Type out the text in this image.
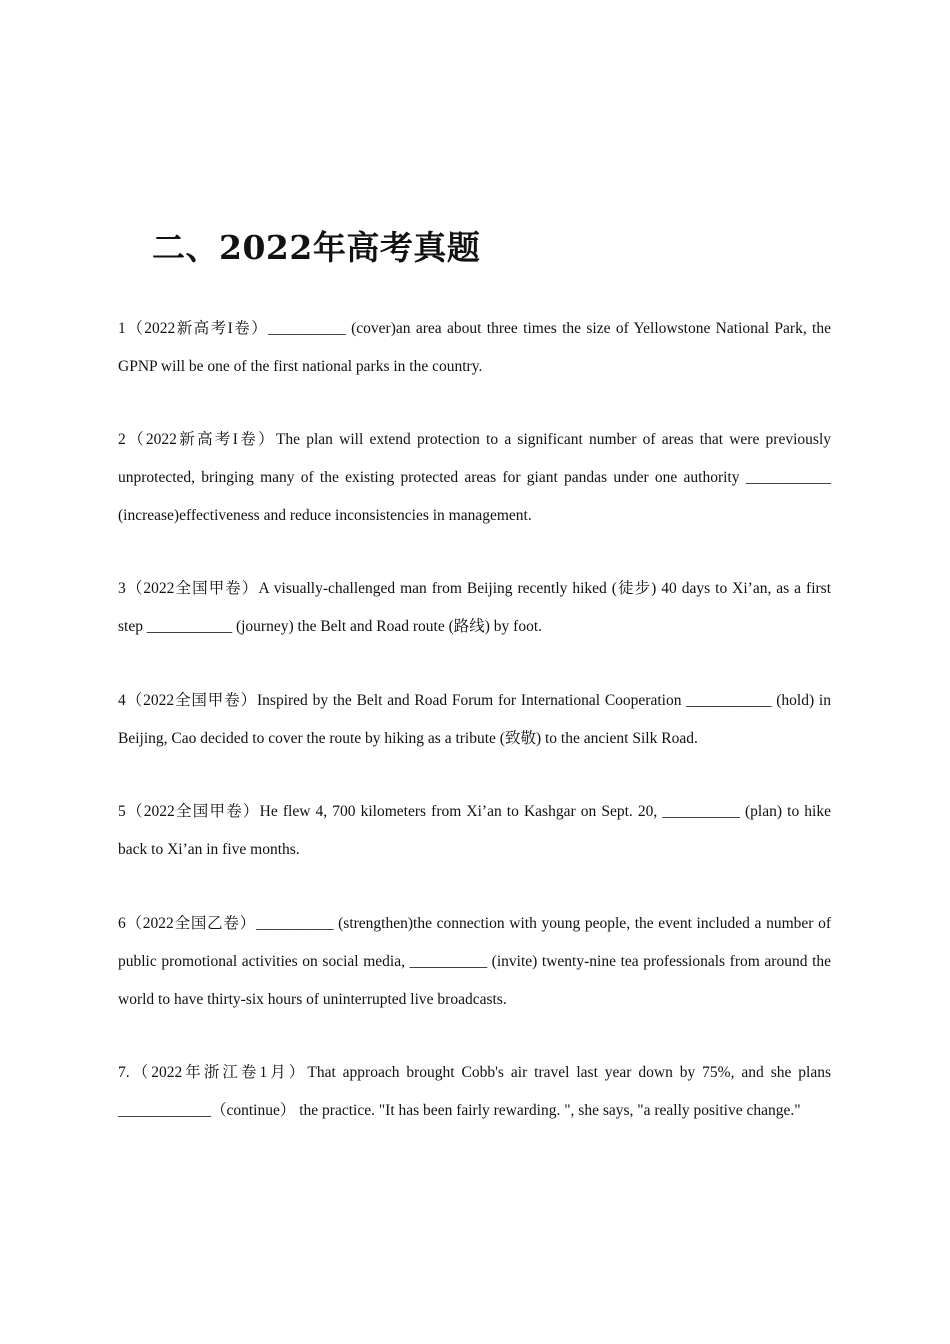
二、2022年高考真题

1（2022新高考I卷）__________ (cover)an area about three times the size of Yellowstone National Park, the GPNP will be one of the first national parks in the country.

2（2022新高考I卷）The plan will extend protection to a significant number of areas that were previously unprotected, bringing many of the existing protected areas for giant pandas under one authority ___________ (increase)effectiveness and reduce inconsistencies in management.

3（2022全国甲卷）A visually-challenged man from Beijing recently hiked (徒步) 40 days to Xi’an, as a first step ___________ (journey) the Belt and Road route (路线) by foot.

4（2022全国甲卷）Inspired by the Belt and Road Forum for International Cooperation ___________ (hold) in Beijing, Cao decided to cover the route by hiking as a tribute (致敬) to the ancient Silk Road.

5（2022全国甲卷）He flew 4, 700 kilometers from Xi’an to Kashgar on Sept. 20, __________ (plan) to hike back to Xi’an in five months.

6（2022全国乙卷）__________ (strengthen)the connection with young people, the event included a number of public promotional activities on social media, __________ (invite) twenty-nine tea professionals from around the world to have thirty-six hours of uninterrupted live broadcasts.

7.（2022年浙江卷1月）That approach brought Cobb's air travel last year down by 75%, and she plans ____________（continue） the practice. "It has been fairly rewarding. ", she says, "a really positive change."
